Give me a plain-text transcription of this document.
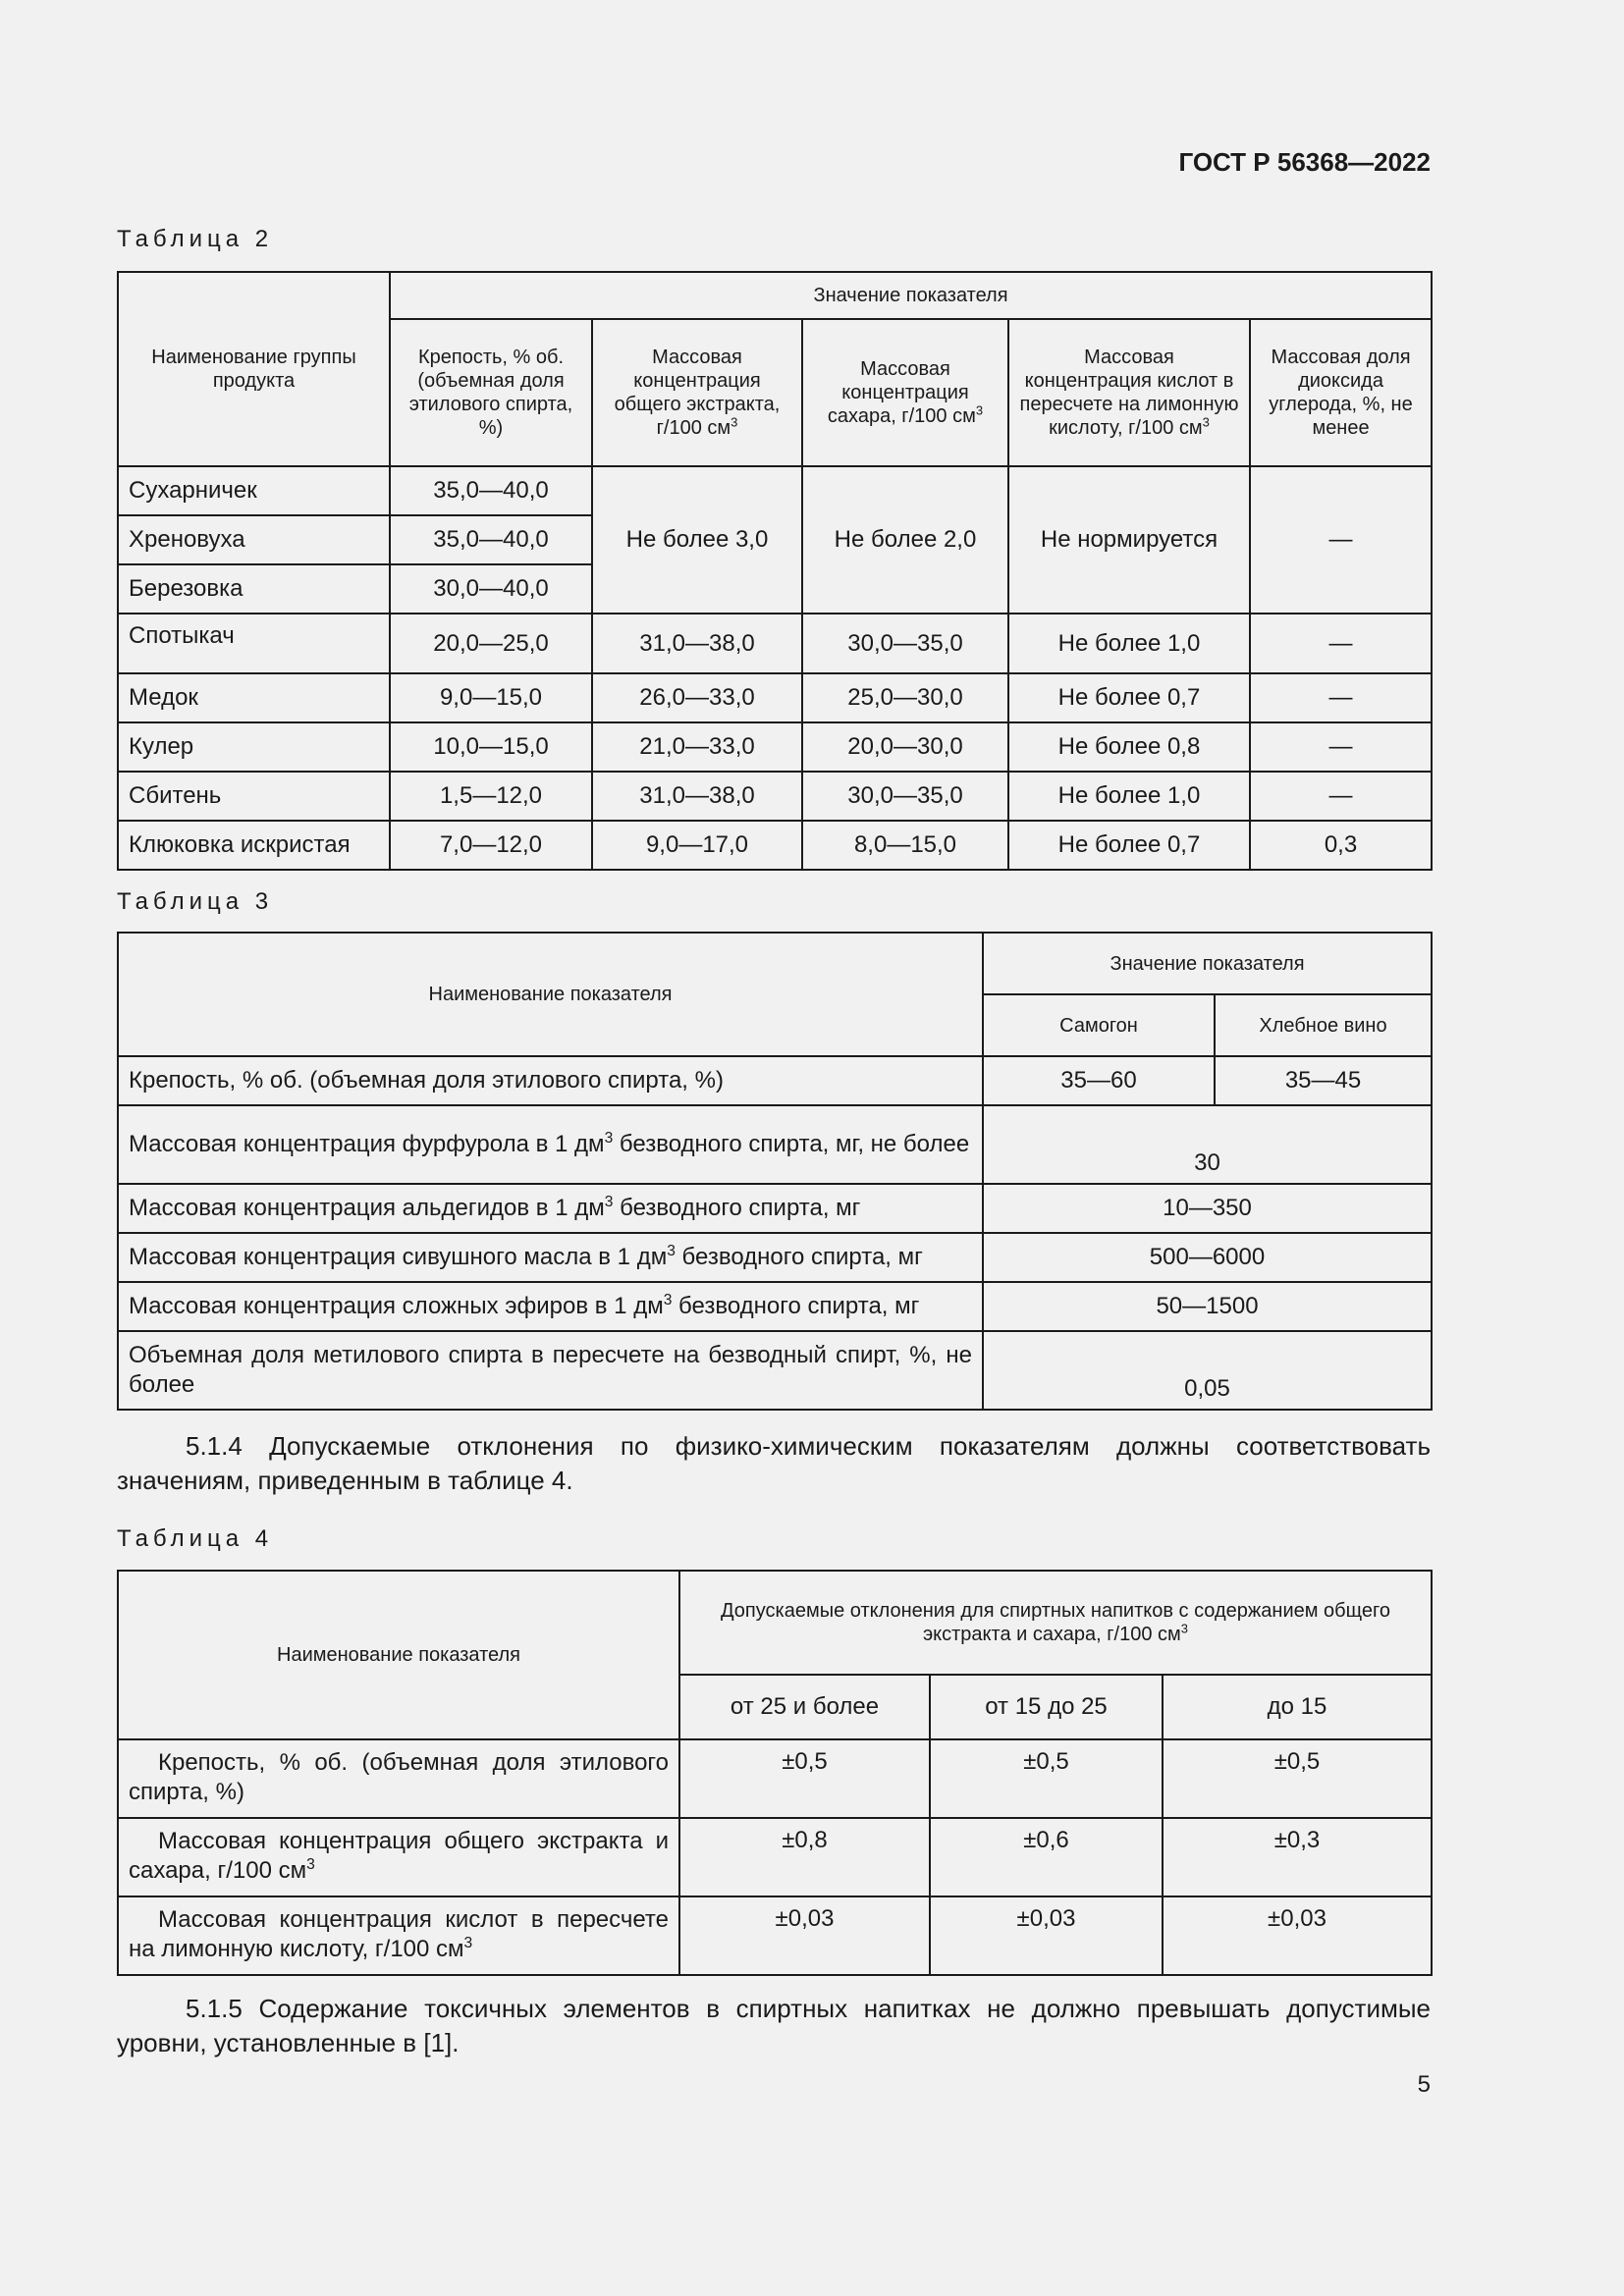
ГОСТ Р 56368—2022
Таблица 2
Наименование группы продукта	Значение показателя				
	Крепость, % об. (объемная доля этилового спирта, %)	Массовая концентрация общего экстракта, г/100 $см^3$	Массовая концентрация сахара, г/100 $см^3$	Массовая концентрация кислот в пересчете на лимонную кислоту, г/100 $см^3$	Массовая доля диоксида углерода, %, не менее
Сухарничек	35,0—40,0	Не более 3,0	Не более 2,0	Не нормируется	—
Хреновуха	35,0—40,0				
Березовка	30,0—40,0				
Спотыкач	20,0—25,0	31,0—38,0	30,0—35,0	Не более 1,0	—
Медок	9,0—15,0	26,0—33,0	25,0—30,0	Не более 0,7	—
Кулер	10,0—15,0	21,0—33,0	20,0—30,0	Не более 0,8	—
Сбитень	1,5—12,0	31,0—38,0	30,0—35,0	Не более 1,0	—
Клюковка искристая	7,0—12,0	9,0—17,0	8,0—15,0	Не более 0,7	0,3
Таблица 3
Наименование показателя	Значение показателя	
	Самогон	Хлебное вино
Крепость, % об. (объемная доля этилового спирта, %)	35—60	35—45
Массовая концентрация фурфурола в 1 $дм^3$ безводного спирта, мг, не более	30	
Массовая концентрация альдегидов в 1 $дм^3$ безводного спирта, мг	10—350	
Массовая концентрация сивушного масла в 1 $дм^3$ безводного спирта, мг	500—6000	
Массовая концентрация сложных эфиров в 1 $дм^3$ безводного спирта, мг	50—1500	
Объемная доля метилового спирта в пересчете на безводный спирт, %, не более	0,05	

5.1.4 Допускаемые отклонения по физико-химическим показателям должны соответствовать значениям, приведенным в таблице 4.

Таблица 4
Наименование показателя	Допускаемые отклонения для спиртных напитков с содержанием общего экстракта и сахара, г/100 $см^3$
	от 25 и более	от 15 до 25	до 15
Крепость, % об. (объемная доля этилового спирта, %)	±0,5	±0,5	±0,5
Массовая концентрация общего экстракта и сахара, г/100 $см^3$	±0,8	±0,6	±0,3
Массовая концентрация кислот в пересчете на лимонную кислоту, г/100 $см^3$	±0,03	±0,03	±0,03

5.1.5 Содержание токсичных элементов в спиртных напитках не должно превышать допустимые уровни, установленные в [1].

5
